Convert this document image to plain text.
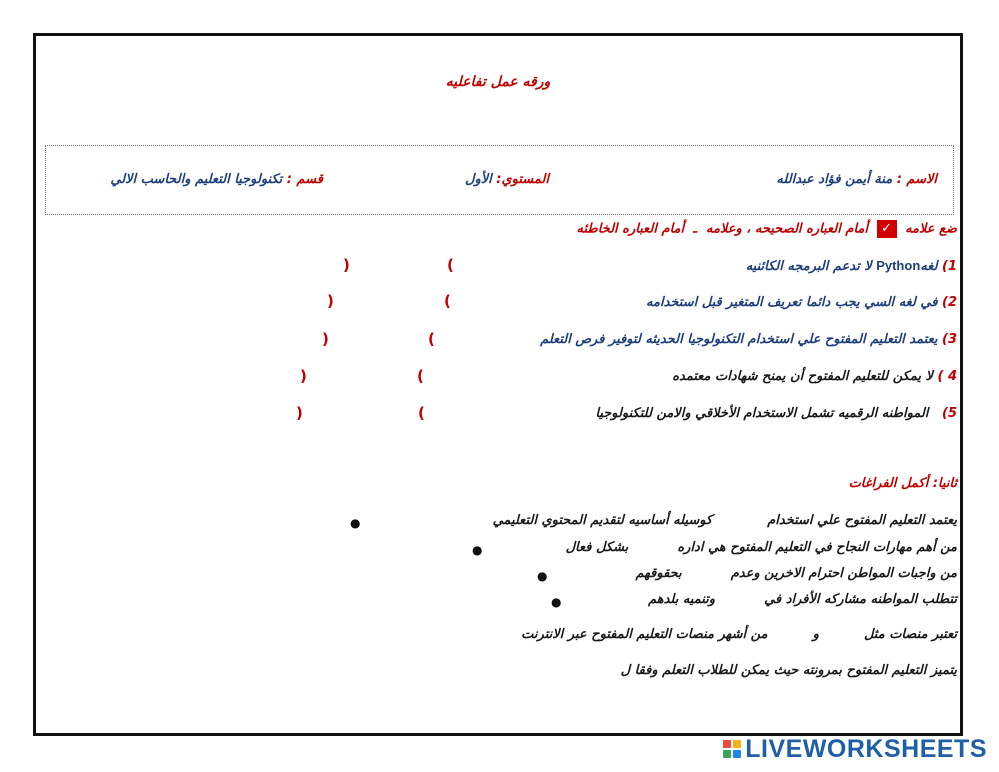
ورقه عمل تفاعليه
الاسم : منة أيمن فؤاد عبدالله
المستوي: الأول
قسم : تكنولوجيا التعليم والحاسب الالي
ضع علامه ✓ أمام العباره الصحيحه ، وعلامه  ـ  أمام العباره الخاطئه
1) لغهPython لا تدعم البرمجه الكائنيه
(
)
2) في لغه السي يجب دائما تعريف المتغير قبل استخدامه
(
)
3) يعتمد التعليم المفتوح علي استخدام التكنولوجيا الحديثه لتوفير فرص التعلم
(
)
4 ) لا يمكن للتعليم المفتوح أن يمنح شهادات معتمده
(
)
5)   المواطنه الرقميه تشمل الاستخدام الأخلاقي والامن للتكنولوجيا
(
)
ثانيا: أكمل الفراغات
يعتمد التعليم المفتوح علي استخدام  كوسيله أساسيه لتقديم المحتوي التعليمي
●
من أهم مهارات النجاح في التعليم المفتوح هي اداره  بشكل فعال
●
من واجبات المواطن احترام الاخرين وعدم  بحقوقهم
●
تتطلب المواطنه مشاركه الأفراد في  وتنميه بلدهم
●
تعتبر منصات مثل  و  من أشهر منصات التعليم المفتوح عبر الانترنت
يتميز التعليم المفتوح بمرونته حيث يمكن للطلاب التعلم وفقا ل
LIVEWORKSHEETS
